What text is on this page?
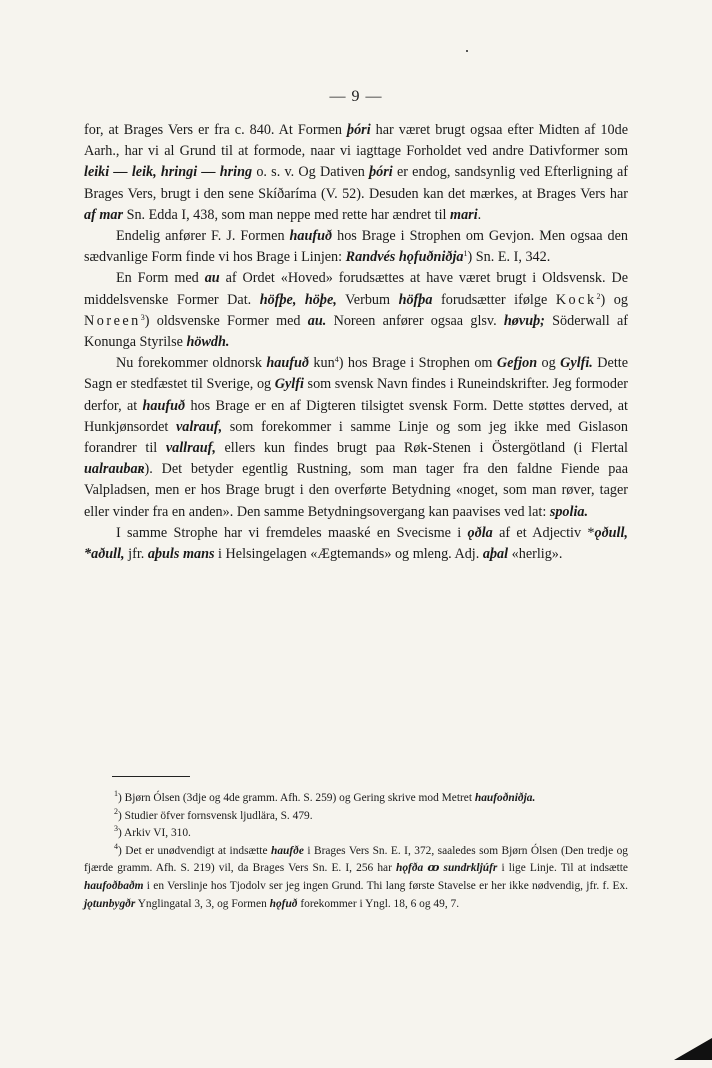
— 9 —

for, at Brages Vers er fra c. 840. At Formen þóri har været brugt ogsaa efter Midten af 10de Aarh., har vi al Grund til at formode, naar vi iagttage Forholdet ved andre Dativformer som leiki — leik, hringi — hring o. s. v. Og Dativen þóri er endog, sandsynlig ved Efterligning af Brages Vers, brugt i den sene Skíðaríma (V. 52). Desuden kan det mærkes, at Brages Vers har af mar Sn. Edda I, 438, som man neppe med rette har ændret til mari.

Endelig anfører F. J. Formen haufuð hos Brage i Strophen om Gevjon. Men ogsaa den sædvanlige Form finde vi hos Brage i Linjen: Randvés hǫfuðniðja$^1$) Sn. E. I, 342.

En Form med au af Ordet «Hoved» forudsættes at have været brugt i Oldsvensk. De middelsvenske Former Dat. höfþe, höþe, Verbum höfþa forudsætter ifølge Kock$^2$) og Noreen$^3$) oldsvenske Former med au. Noreen anfører ogsaa glsv. høvuþ; Söderwall af Konunga Styrilse höwdh.

Nu forekommer oldnorsk haufuð kun$^4$) hos Brage i Strophen om Gefjon og Gylfi. Dette Sagn er stedfæstet til Sverige, og Gylfi som svensk Navn findes i Runeindskrifter. Jeg formoder derfor, at haufuð hos Brage er en af Digteren tilsigtet svensk Form. Dette støttes derved, at Hunkjønsordet valrauf, som forekommer i samme Linje og som jeg ikke med Gislason forandrer til vallrauf, ellers kun findes brugt paa Røk-Stenen i Östergötland (i Flertal ualraubaʀ). Det betyder egentlig Rustning, som man tager fra den faldne Fiende paa Valpladsen, men er hos Brage brugt i den overførte Betydning «noget, som man røver, tager eller vinder fra en anden». Den samme Betydningsovergang kan paavises ved lat: spolia.

I samme Strophe har vi fremdeles maaské en Svecisme i ǫðla af et Adjectiv *ǫðull, *aðull, jfr. aþuls mans i Helsingelagen «Ægtemands» og mleng. Adj. aþal «herlig».

$^1$) Bjørn Ólsen (3dje og 4de gramm. Afh. S. 259) og Gering skrive mod Metret haufoðniðja.

$^2$) Studier öfver fornsvensk ljudlära, S. 479.

$^3$) Arkiv VI, 310.

$^4$) Det er unødvendigt at indsætte haufðe i Brages Vers Sn. E. I, 372, saaledes som Bjørn Ólsen (Den tredje og fjærde gramm. Afh. S. 219) vil, da Brages Vers Sn. E. I, 256 har hǫfða ꝏ sundrkljúfr i lige Linje. Til at indsætte haufoðbaðm i en Verslinje hos Tjodolv ser jeg ingen Grund. Thi lang første Stavelse er her ikke nødvendig, jfr. f. Ex. jǫtunbygðr Ynglingatal 3, 3, og Formen hǫfuð forekommer i Yngl. 18, 6 og 49, 7.
